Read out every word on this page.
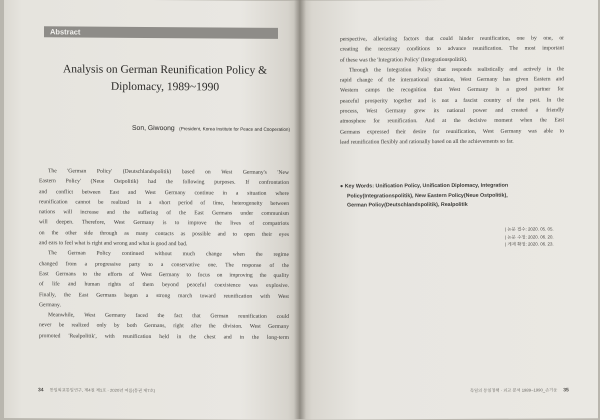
Abstract
Analysis on German Reunification Policy &
Diplomacy, 1989~1990
Son, Giwoong (President, Korea Institute for Peace and Cooperation)
The 'German Policy' (Deutschlandspolitik) based on West Germany's 'New
Eastern Policy' (Neue Ostpolitik) had the following purposes. If confrontation
and conflict between East and West Germany continue in a situation where
reunification cannot be realized in a short period of time, heterogeneity between
nations will increase and the suffering of the East Germans under communism
will deepen. Therefore, West Germany is to improve the lives of compatriots
on the other side through as many contacts as possible and to open their eyes
and ears to feel what is right and wrong and what is good and bad.
The German Policy continued without much change when the regime
changed from a progressive party to a conservative one. The response of the
East Germans to the efforts of West Germany to focus on improving the quality
of life and human rights of them beyond peaceful coexistence was explosive.
Finally, the East Germans began a strong march toward reunification with West
Germany.
Meanwhile, West Germany faced the fact that German reunification could
never be realized only by both Germans, right after the division. West Germany
promoted 'Realpolitik', with reunification held in the chest and in the long-term
34 통일외교통일연구, 제4권 제1호 · 2020년 여름(통권 제7호)
perspective, alleviating factors that could hinder reunification, one by one, or
creating the necessary conditions to advance reunification. The most important
of these was the 'Integration Policy' (Integrationspolitik).
Through the Integration Policy that responds realistically and actively in the
rapid change of the international situation, West Germany has given Eastern and
Western camps the recognition that West Germany is a good partner for
peaceful prosperity together and is not a fascist country of the past. In the
process, West Germany grew its national power and created a friendly
atmosphere for reunification. And at the decisive moment when the East
Germans expressed their desire for reunification, West Germany was able to
lead reunification flexibly and rationally based on all the achievements so far.
● Key Words: Unification Policy, Unification Diplomacy, Integration
Policy(Integrationspolitik), New Eastern Policy(Neue Ostpolitik),
German Policy(Deutschlandspolitik), Realpolitik
| 논문 접수: 2020. 05. 05.
| 논문 수정: 2020. 06. 20.
| 게재 확정: 2020. 06. 23.
독일의 통일정책 · 외교 분석 1989~1990_손기웅 35
